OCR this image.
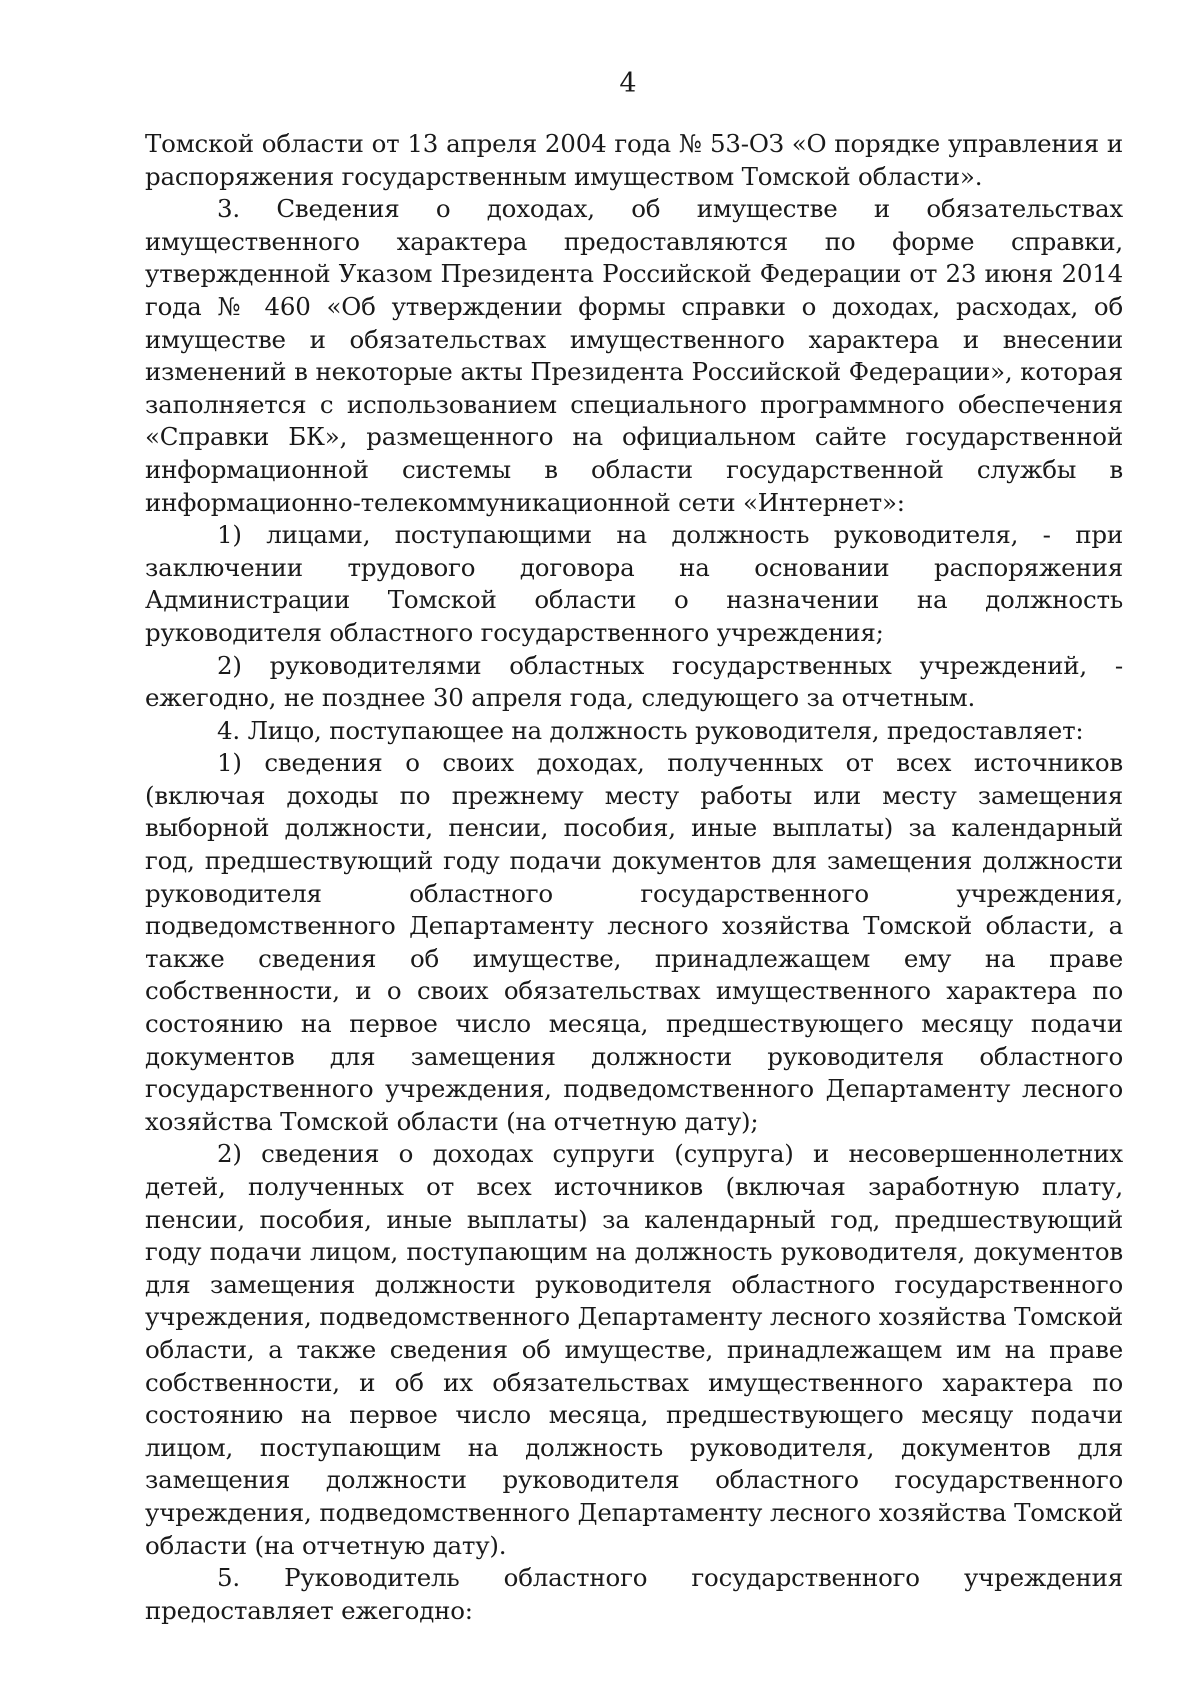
4

Томской области от 13 апреля 2004 года № 53-ОЗ «О порядке управления и распоряжения государственным имуществом Томской области».

3. Сведения о доходах, об имуществе и обязательствах имущественного характера предоставляются по форме справки, утвержденной Указом Президента Российской Федерации от 23 июня 2014 года № 460 «Об утверждении формы справки о доходах, расходах, об имуществе и обязательствах имущественного характера и внесении изменений в некоторые акты Президента Российской Федерации», которая заполняется с использованием специального программного обеспечения «Справки БК», размещенного на официальном сайте государственной информационной системы в области государственной службы в информационно-телекоммуникационной сети «Интернет»:

1) лицами, поступающими на должность руководителя, - при заключении трудового договора на основании распоряжения Администрации Томской области о назначении на должность руководителя областного государственного учреждения;

2) руководителями областных государственных учреждений, - ежегодно, не позднее 30 апреля года, следующего за отчетным.

4. Лицо, поступающее на должность руководителя, предоставляет:

1) сведения о своих доходах, полученных от всех источников (включая доходы по прежнему месту работы или месту замещения выборной должности, пенсии, пособия, иные выплаты) за календарный год, предшествующий году подачи документов для замещения должности руководителя областного государственного учреждения, подведомственного Департаменту лесного хозяйства Томской области, а также сведения об имуществе, принадлежащем ему на праве собственности, и о своих обязательствах имущественного характера по состоянию на первое число месяца, предшествующего месяцу подачи документов для замещения должности руководителя областного государственного учреждения, подведомственного Департаменту лесного хозяйства Томской области (на отчетную дату);

2) сведения о доходах супруги (супруга) и несовершеннолетних детей, полученных от всех источников (включая заработную плату, пенсии, пособия, иные выплаты) за календарный год, предшествующий году подачи лицом, поступающим на должность руководителя, документов для замещения должности руководителя областного государственного учреждения, подведомственного Департаменту лесного хозяйства Томской области, а также сведения об имуществе, принадлежащем им на праве собственности, и об их обязательствах имущественного характера по состоянию на первое число месяца, предшествующего месяцу подачи лицом, поступающим на должность руководителя, документов для замещения должности руководителя областного государственного учреждения, подведомственного Департаменту лесного хозяйства Томской области (на отчетную дату).

5. Руководитель областного государственного учреждения предоставляет ежегодно:
